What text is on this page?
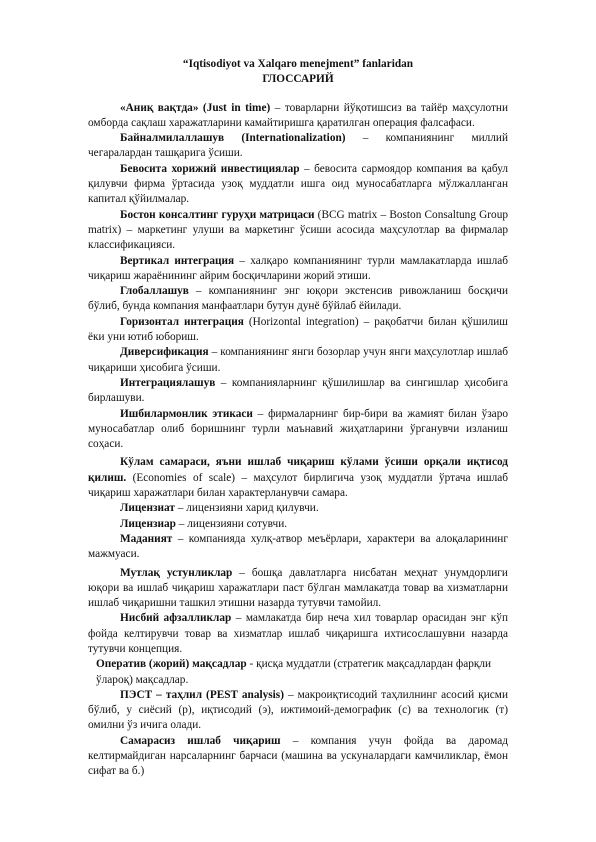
“Iqtisodiyot va Xalqaro menejment” fanlaridan

ГЛОССАРИЙ

«Аниқ вақтда» (Just in time) – товарларни йўқотишсиз ва тайёр маҳсулотни омборда сақлаш харажатларини камайтиришга қаратилган операция фалсафаси.

Байналмилаллашув (Internationalization) – компаниянинг миллий чегаралардан ташқарига ўсиши.

Бевосита хорижий инвестициялар – бевосита сармоядор компания ва қабул қилувчи фирма ўртасида узоқ муддатли ишга оид муносабатларга мўлжалланган капитал қўйилмалар.

Бостон консалтинг гуруҳи матрицаси (BCG matrix – Boston Consaltung Group matrix) – маркетинг улуши ва маркетинг ўсиши асосида маҳсулотлар ва фирмалар классификацияси.

Вертикал интеграция – халқаро компаниянинг турли мамлакатларда ишлаб чиқариш жараёнининг айрим босқичларини жорий этиши.

Глобаллашув – компаниянинг энг юқори экстенсив ривожланиш босқичи бўлиб, бунда компания манфаатлари бутун дунё бўйлаб ёйилади.

Горизонтал интеграция (Horizontal integration) – рақобатчи билан қўшилиш ёки уни ютиб юбориш.

Диверсификация – компаниянинг янги бозорлар учун янги маҳсулотлар ишлаб чиқариши ҳисобига ўсиши.

Интеграциялашув – компанияларнинг қўшилишлар ва сингишлар ҳисобига бирлашуви.

Ишбилармонлик этикаси – фирмаларнинг бир-бири ва жамият билан ўзаро муносабатлар олиб боришнинг турли маънавий жиҳатларини ўрганувчи изланиш соҳаси.

Кўлам самараси, яъни ишлаб чиқариш кўлами ўсиши орқали иқтисод қилиш. (Economies of scale) – маҳсулот бирлигича узоқ муддатли ўртача ишлаб чиқариш харажатлари билан характерланувчи самара.

Лицензиат – лицензияни харид қилувчи.

Лицензиар – лицензияни сотувчи.

Маданият – компанияда хулқ-атвор меъёрлари, характери ва алоқаларининг мажмуаси.

Мутлақ устунликлар – бошқа давлатларга нисбатан меҳнат унумдорлиги юқори ва ишлаб чиқариш харажатлари паст бўлган мамлакатда товар ва хизматларни ишлаб чиқаришни ташкил этишни назарда тутувчи тамойил.

Нисбий афзалликлар – мамлакатда бир неча хил товарлар орасидан энг кўп фойда келтирувчи товар ва хизматлар ишлаб чиқаришга ихтисослашувни назарда тутувчи концепция.

Оператив (жорий) мақсадлар - қисқа муддатли (стратегик мақсадлардан фарқли ўлароқ) мақсадлар.

ПЭСТ – таҳлил (PEST analysis) – макроиқтисодий таҳлилнинг асосий қисми бўлиб, у сиёсий (р), иқтисодий (э), ижтимоий-демографик (с) ва технологик (т) омилни ўз ичига олади.

Самарасиз ишлаб чиқариш – компания учун фойда ва даромад келтирмайдиган нарсаларнинг барчаси (машина ва ускуналардаги камчиликлар, ёмон сифат ва б.)
